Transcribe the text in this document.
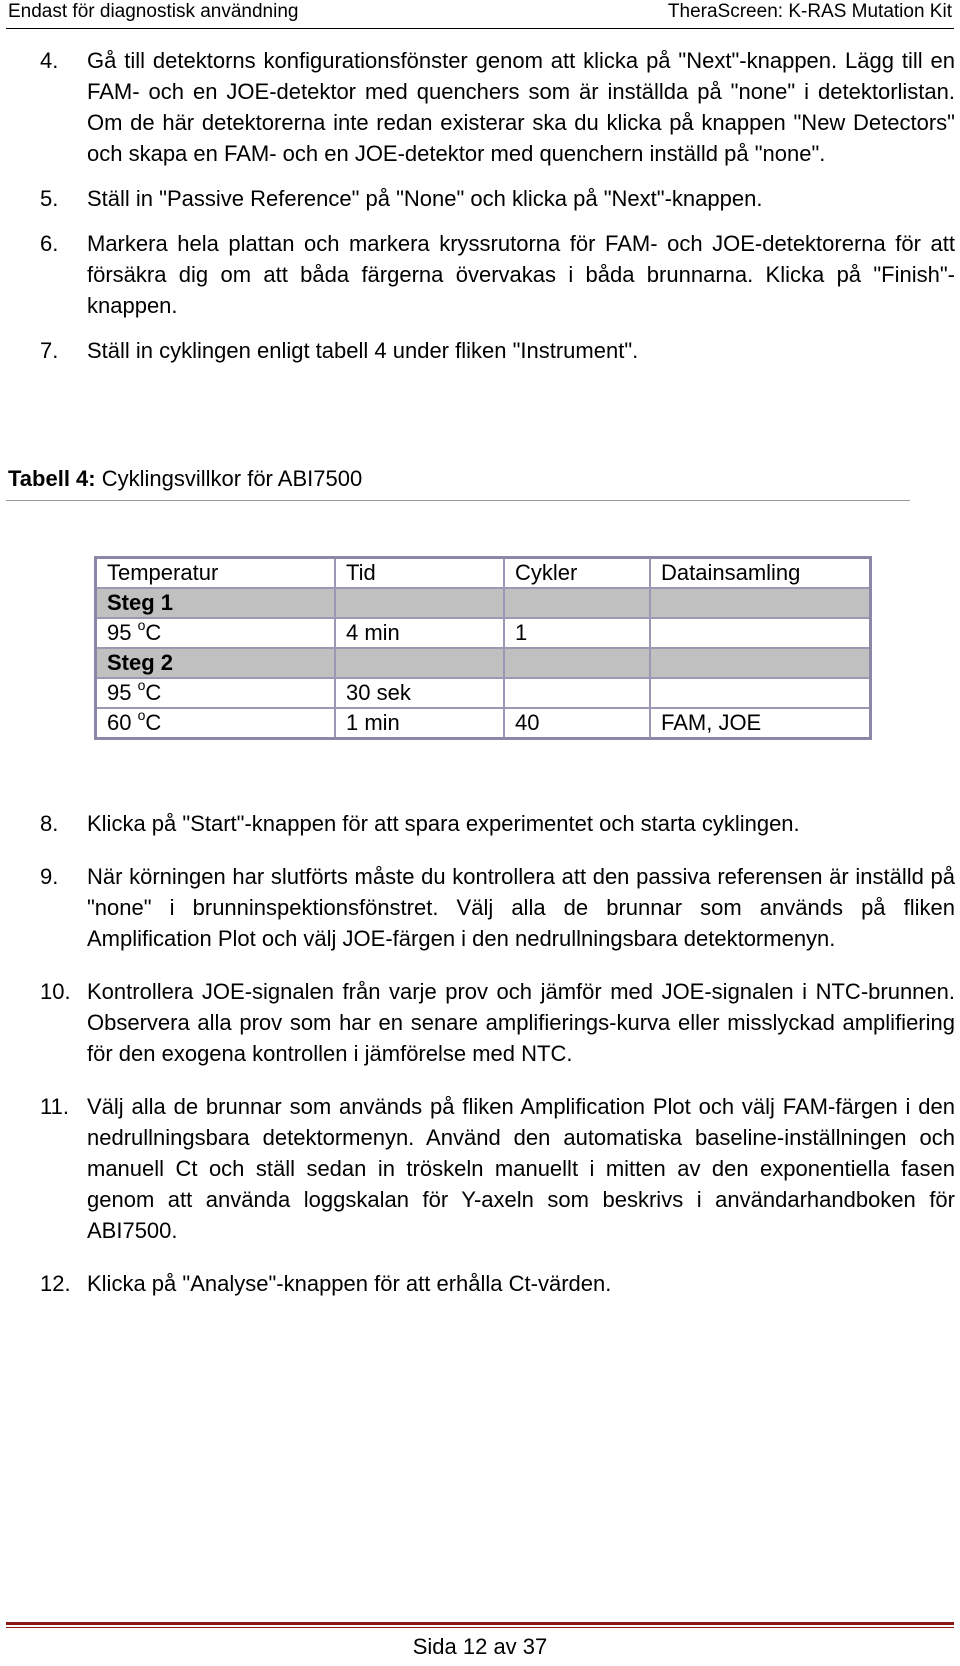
Endast för diagnostisk användning	TheraScreen: K-RAS Mutation Kit
4. Gå till detektorns konfigurationsfönster genom att klicka på "Next"-knappen. Lägg till en FAM- och en JOE-detektor med quenchers som är inställda på "none" i detektorlistan. Om de här detektorerna inte redan existerar ska du klicka på knappen "New Detectors" och skapa en FAM- och en JOE-detektor med quenchern inställd på "none".
5. Ställ in "Passive Reference" på "None" och klicka på "Next"-knappen.
6. Markera hela plattan och markera kryssrutorna för FAM- och JOE-detektorerna för att försäkra dig om att båda färgerna övervakas i båda brunnarna. Klicka på "Finish"-knappen.
7. Ställ in cyklingen enligt tabell 4 under fliken "Instrument".
Tabell 4: Cyklingsvillkor för ABI7500
Temperatur	Tid	Cykler	Datainsamling
Steg 1			
95 $^o$C	4 min	1	
Steg 2			
95 $^o$C	30 sek		
60 $^o$C	1 min	40	FAM, JOE
8. Klicka på "Start"-knappen för att spara experimentet och starta cyklingen.
9. När körningen har slutförts måste du kontrollera att den passiva referensen är inställd på "none" i brunninspektionsfönstret. Välj alla de brunnar som används på fliken Amplification Plot och välj JOE-färgen i den nedrullningsbara detektormenyn.
10. Kontrollera JOE-signalen från varje prov och jämför med JOE-signalen i NTC-brunnen. Observera alla prov som har en senare amplifierings-kurva eller misslyckad amplifiering för den exogena kontrollen i jämförelse med NTC.
11. Välj alla de brunnar som används på fliken Amplification Plot och välj FAM-färgen i den nedrullningsbara detektormenyn. Använd den automatiska baseline-inställningen och manuell Ct och ställ sedan in tröskeln manuellt i mitten av den exponentiella fasen genom att använda loggskalan för Y-axeln som beskrivs i användarhandboken för ABI7500.
12. Klicka på "Analyse"-knappen för att erhålla Ct-värden.
Sida 12 av 37
